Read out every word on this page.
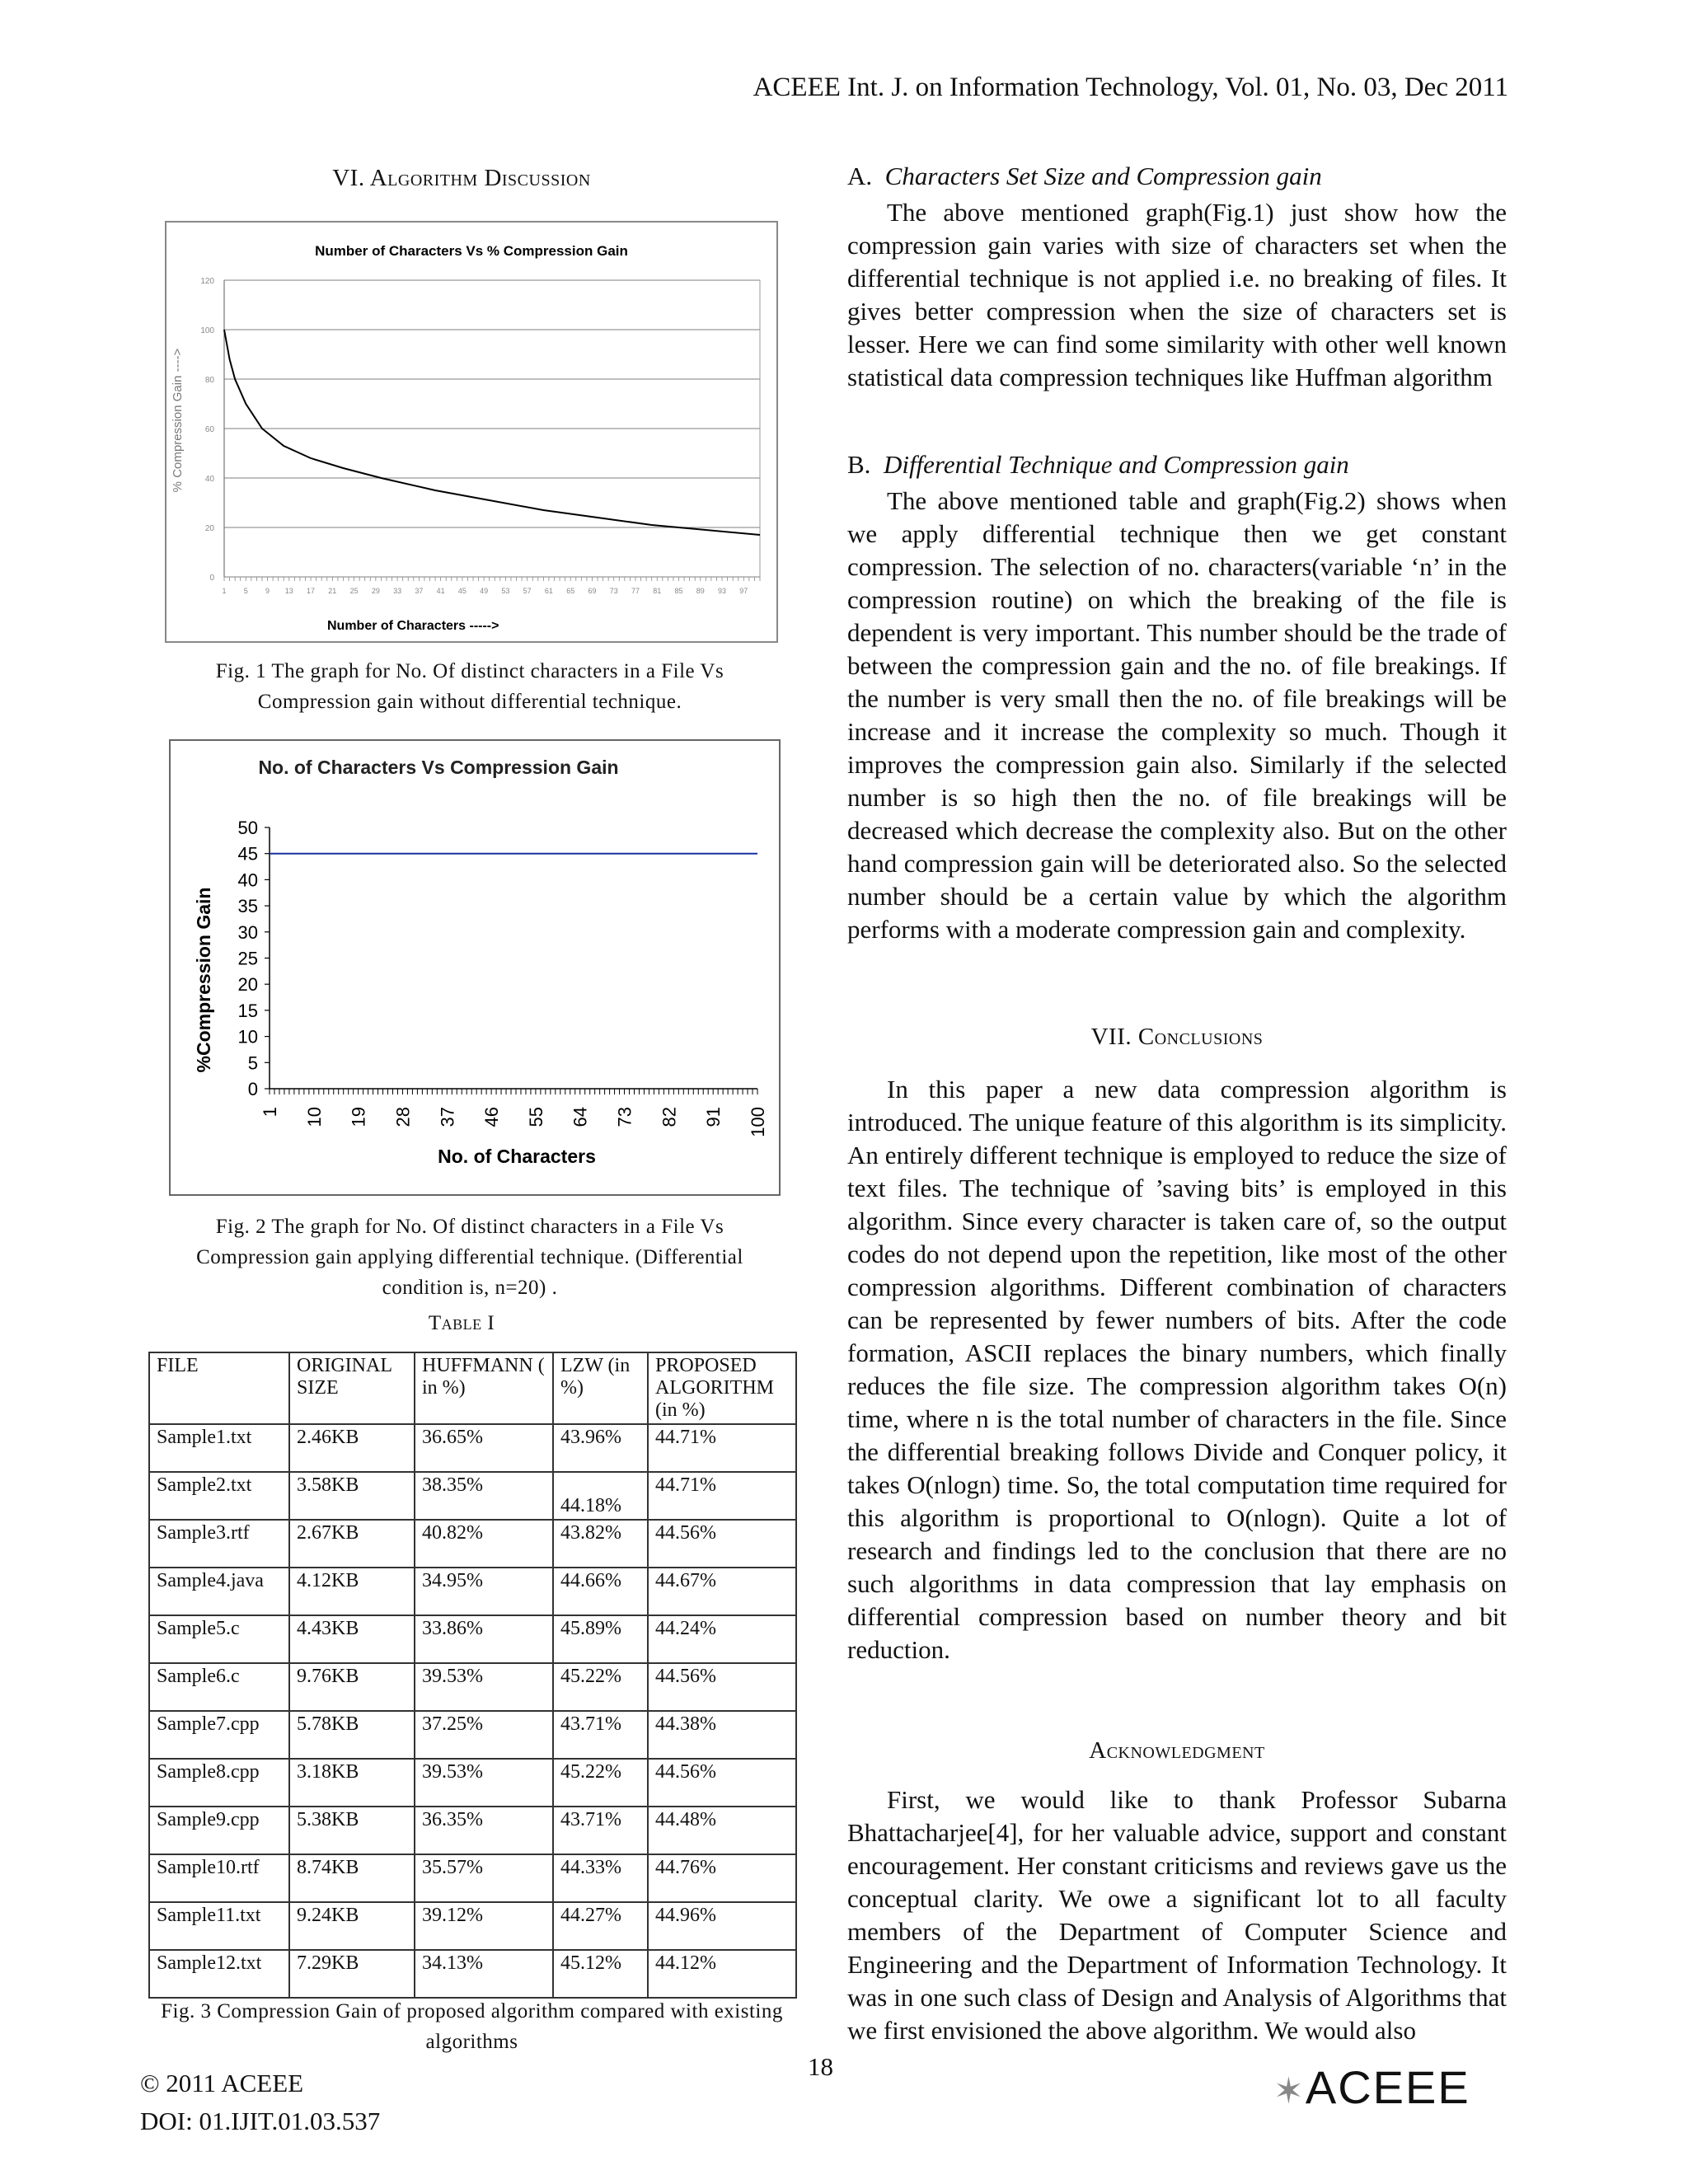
ACEEE Int. J. on Information Technology, Vol. 01, No. 03, Dec 2011
VI. Algorithm Discussion
Number of Characters Vs % Compression Gain
0
20
40
60
80
100
120
1 5 9 13 17 21 25 29 33 37 41 45 49 53 57 61 65 69 73 77 81 85 89 93 97
% Compression Gain ---->
Number of Characters ----->
Fig. 1 The graph for No. Of distinct characters in a File Vs Compression gain without differential technique.
No. of Characters Vs Compression Gain
0
5
10
15
20
25
30
35
40
45
50
1 10 19 28 37 46 55 64 73 82 91 100
%Compression Gain
No. of Characters
Fig. 2 The graph for No. Of distinct characters in a File Vs Compression gain applying differential technique. (Differential condition is, n=20) .
Table I
FILE	ORIGINAL SIZE	HUFFMANN ( in %)	LZW (in %)	PROPOSED ALGORITHM (in %)
Sample1.txt	2.46KB	36.65%	43.96%	44.71%
Sample2.txt	3.58KB	38.35%	44.18%	44.71%
Sample3.rtf	2.67KB	40.82%	43.82%	44.56%
Sample4.java	4.12KB	34.95%	44.66%	44.67%
Sample5.c	4.43KB	33.86%	45.89%	44.24%
Sample6.c	9.76KB	39.53%	45.22%	44.56%
Sample7.cpp	5.78KB	37.25%	43.71%	44.38%
Sample8.cpp	3.18KB	39.53%	45.22%	44.56%
Sample9.cpp	5.38KB	36.35%	43.71%	44.48%
Sample10.rtf	8.74KB	35.57%	44.33%	44.76%
Sample11.txt	9.24KB	39.12%	44.27%	44.96%
Sample12.txt	7.29KB	34.13%	45.12%	44.12%
Fig. 3 Compression Gain of proposed algorithm compared with existing algorithms
A. Characters Set Size and Compression gain

The above mentioned graph(Fig.1) just show how the compression gain varies with size of characters set when the differential technique is not applied i.e. no breaking of files. It gives better compression when the size of characters set is lesser. Here we can find some similarity with other well known statistical data compression techniques like Huffman algorithm

B. Differential Technique and Compression gain

The above mentioned table and graph(Fig.2) shows when we apply differential technique then we get constant compression. The selection of no. characters(variable ‘n’ in the compression routine) on which the breaking of the file is dependent is very important. This number should be the trade of between the compression gain and the no. of file breakings. If the number is very small then the no. of file breakings will be increase and it increase the complexity so much. Though it improves the compression gain also. Similarly if the selected number is so high then the no. of file breakings will be decreased which decrease the complexity also. But on the other hand compression gain will be deteriorated also. So the selected number should be a certain value by which the algorithm performs with a moderate compression gain and complexity.

VII. Conclusions

In this paper a new data compression algorithm is introduced. The unique feature of this algorithm is its simplicity. An entirely different technique is employed to reduce the size of text files. The technique of ’saving bits’ is employed in this algorithm. Since every character is taken care of, so the output codes do not depend upon the repetition, like most of the other compression algorithms. Different combination of characters can be represented by fewer numbers of bits. After the code formation, ASCII replaces the binary numbers, which finally reduces the file size. The compression algorithm takes O(n) time, where n is the total number of characters in the file. Since the differential breaking follows Divide and Conquer policy, it takes O(nlogn) time. So, the total computation time required for this algorithm is proportional to O(nlogn). Quite a lot of research and findings led to the conclusion that there are no such algorithms in data compression that lay emphasis on differential compression based on number theory and bit reduction.

Acknowledgment

First, we would like to thank Professor Subarna Bhattacharjee[4], for her valuable advice, support and constant encouragement. Her constant criticisms and reviews gave us the conceptual clarity. We owe a significant lot to all faculty members of the Department of Computer Science and Engineering and the Department of Information Technology. It was in one such class of Design and Analysis of Algorithms that we first envisioned the above algorithm. We would also

© 2011 ACEEE
DOI: 01.IJIT.01.03.537
18
✶ACEEE
